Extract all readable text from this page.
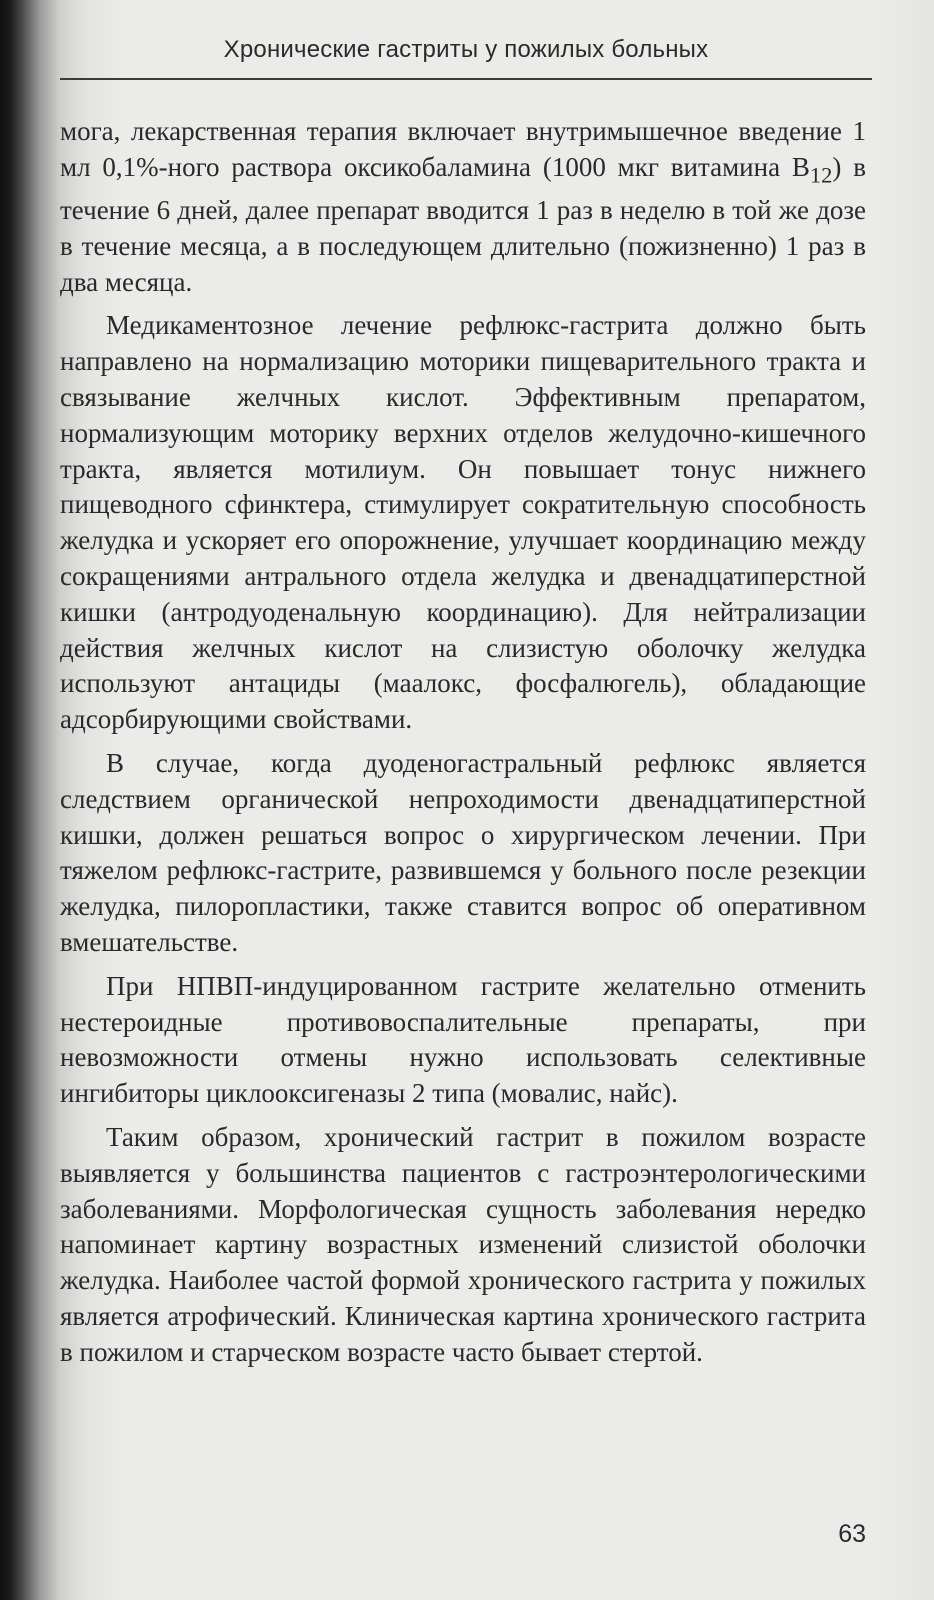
Хронические гастриты у пожилых больных

мога, лекарственная терапия включает внутримышечное введение 1 мл 0,1%-ного раствора оксикобаламина (1000 мкг витамина $B_{12}$) в течение 6 дней, далее препарат вводится 1 раз в неделю в той же дозе в течение месяца, а в последующем длительно (пожизненно) 1 раз в два месяца.

Медикаментозное лечение рефлюкс-гастрита должно быть направлено на нормализацию моторики пищеварительного тракта и связывание желчных кислот. Эффективным препаратом, нормализующим моторику верхних отделов желудочно-кишечного тракта, является мотилиум. Он повышает тонус нижнего пищеводного сфинктера, стимулирует сократительную способность желудка и ускоряет его опорожнение, улучшает координацию между сокращениями антрального отдела желудка и двенадцатиперстной кишки (антродуоденальную координацию). Для нейтрализации действия желчных кислот на слизистую оболочку желудка используют антациды (маалокс, фосфалюгель), обладающие адсорбирующими свойствами.

В случае, когда дуоденогастральный рефлюкс является следствием органической непроходимости двенадцатиперстной кишки, должен решаться вопрос о хирургическом лечении. При тяжелом рефлюкс-гастрите, развившемся у больного после резекции желудка, пилоропластики, также ставится вопрос об оперативном вмешательстве.

При НПВП-индуцированном гастрите желательно отменить нестероидные противовоспалительные препараты, при невозможности отмены нужно использовать селективные ингибиторы циклооксигеназы 2 типа (мовалис, найс).

Таким образом, хронический гастрит в пожилом возрасте выявляется у большинства пациентов с гастроэнтерологическими заболеваниями. Морфологическая сущность заболевания нередко напоминает картину возрастных изменений слизистой оболочки желудка. Наиболее частой формой хронического гастрита у пожилых является атрофический. Клиническая картина хронического гастрита в пожилом и старческом возрасте часто бывает стертой.

63
